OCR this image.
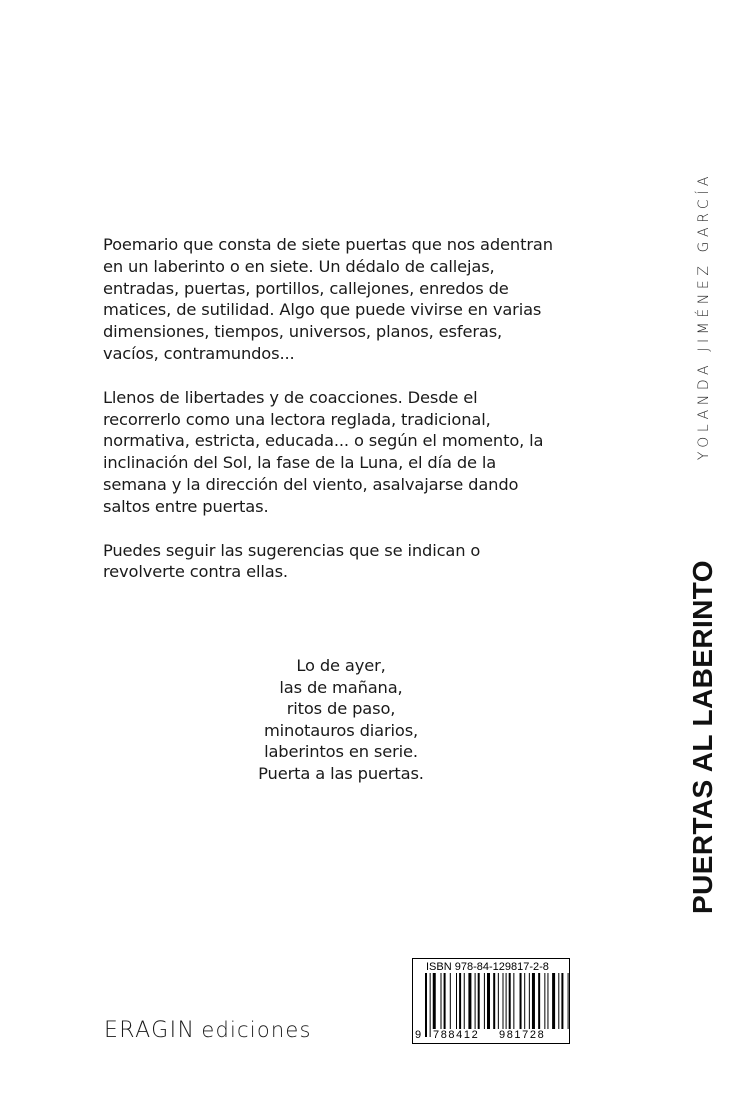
Poemario que consta de siete puertas que nos adentran en un laberinto o en siete. Un dédalo de callejas, entradas, puertas, portillos, callejones, enredos de matices, de sutilidad. Algo que puede vivirse en varias dimensiones, tiempos, universos, planos, esferas, vacíos, contramundos...

Llenos de libertades y de coacciones. Desde el recorrerlo como una lectora reglada, tradicional, normativa, estricta, educada... o según el momento, la inclinación del Sol, la fase de la Luna, el día de la semana y la dirección del viento, asalvajarse dando saltos entre puertas.

Puedes seguir las sugerencias que se indican o revolverte contra ellas.

Lo de ayer,
las de mañana,
ritos de paso,
minotauros diarios,
laberintos en serie.
Puerta a las puertas.
YOLANDA JIMÉNEZ GARCÍA
PUERTAS AL LABERINTO
ERAGIN ediciones
ISBN 978-84-129817-2-8
9 788412 981728
